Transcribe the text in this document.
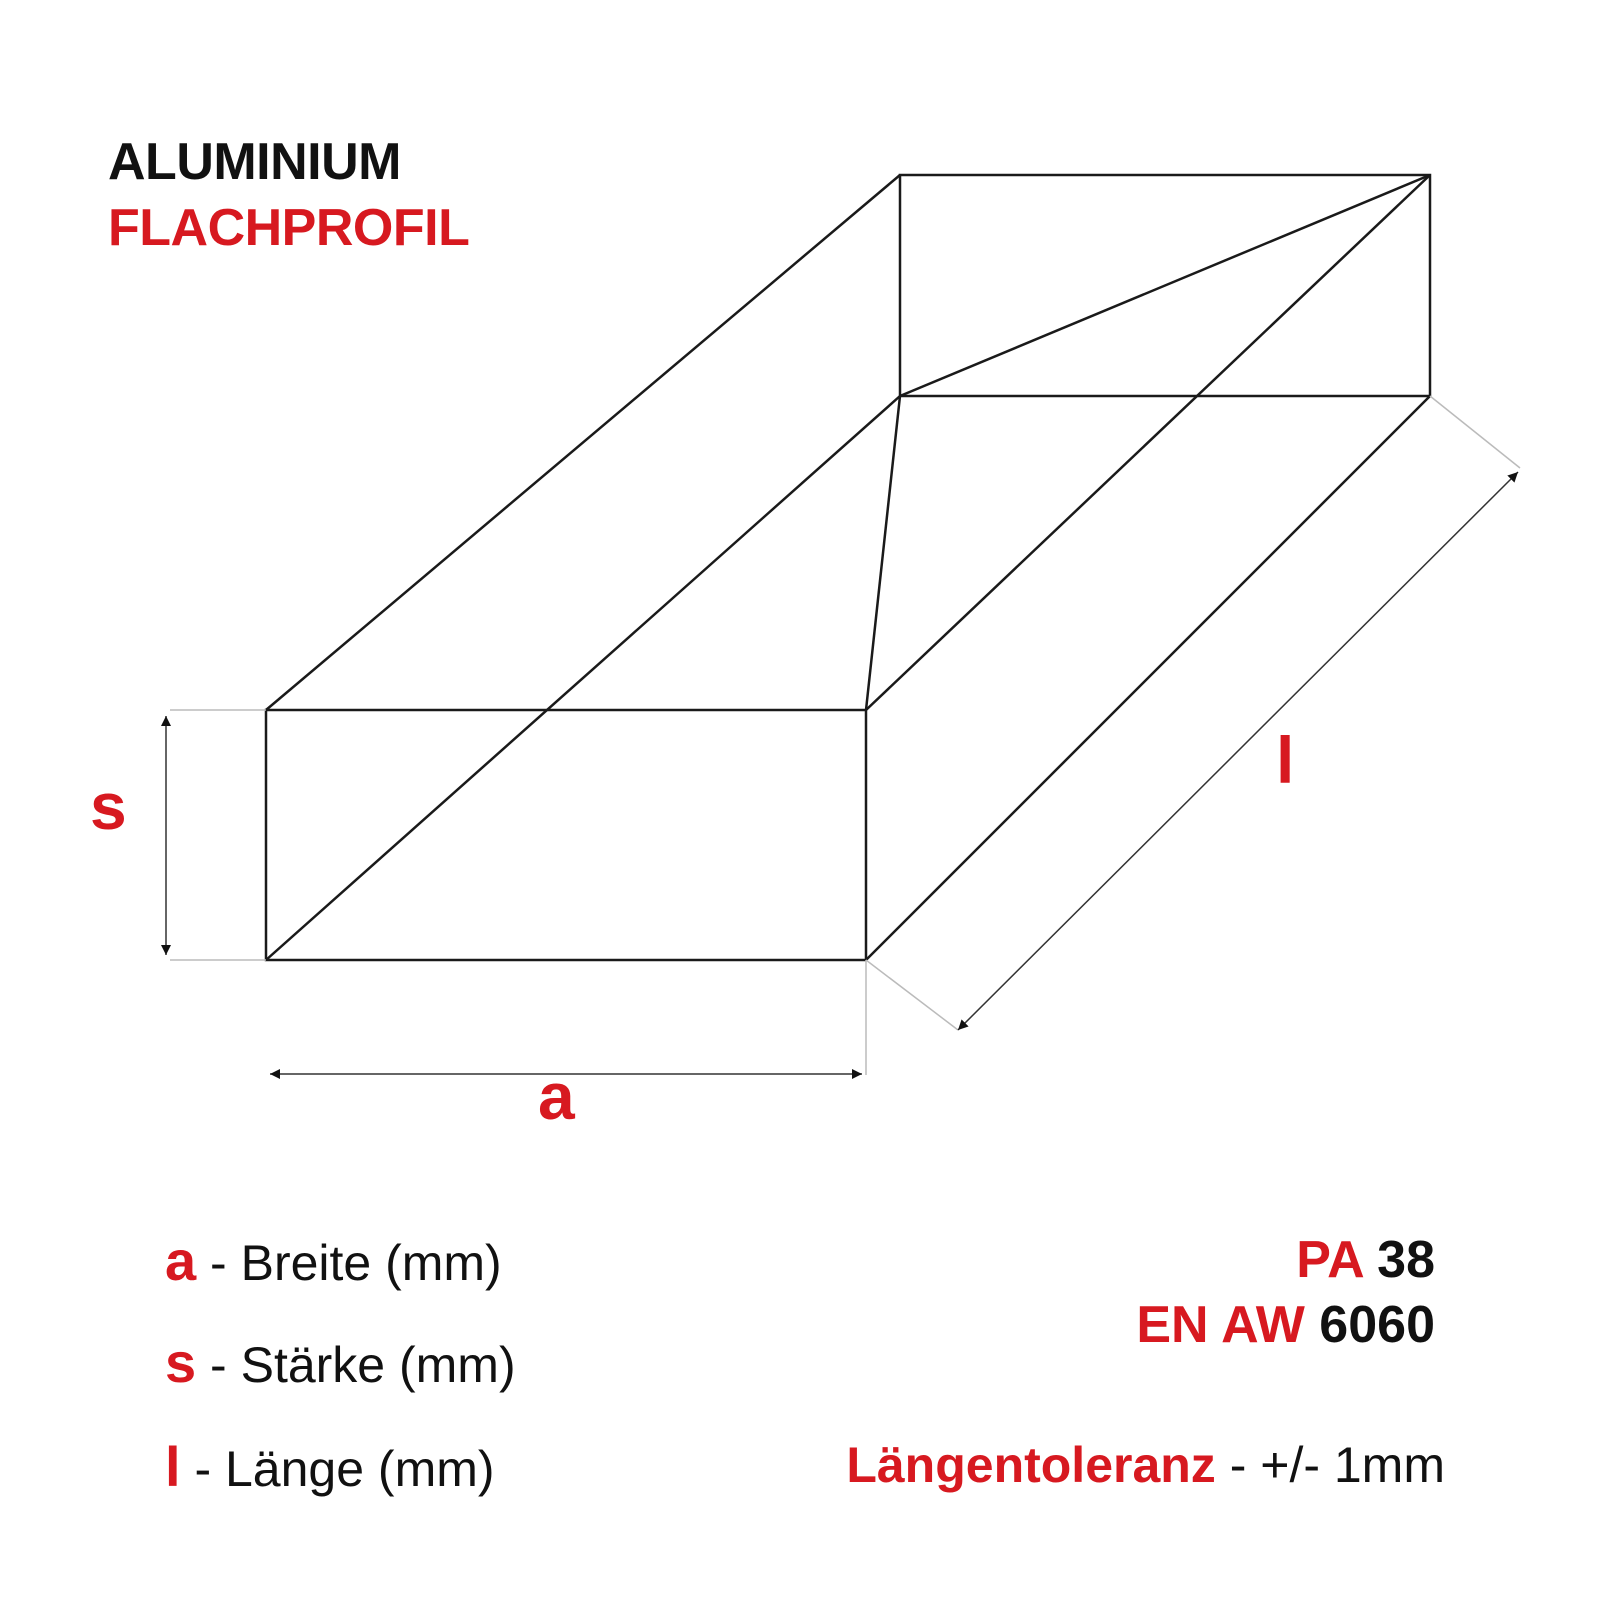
ALUMINIUM
FLACHPROFIL
s
a
l
a - Breite (mm)
s - Stärke (mm)
l - Länge (mm)
PA 38
EN AW 6060
Längentoleranz - +/- 1mm
